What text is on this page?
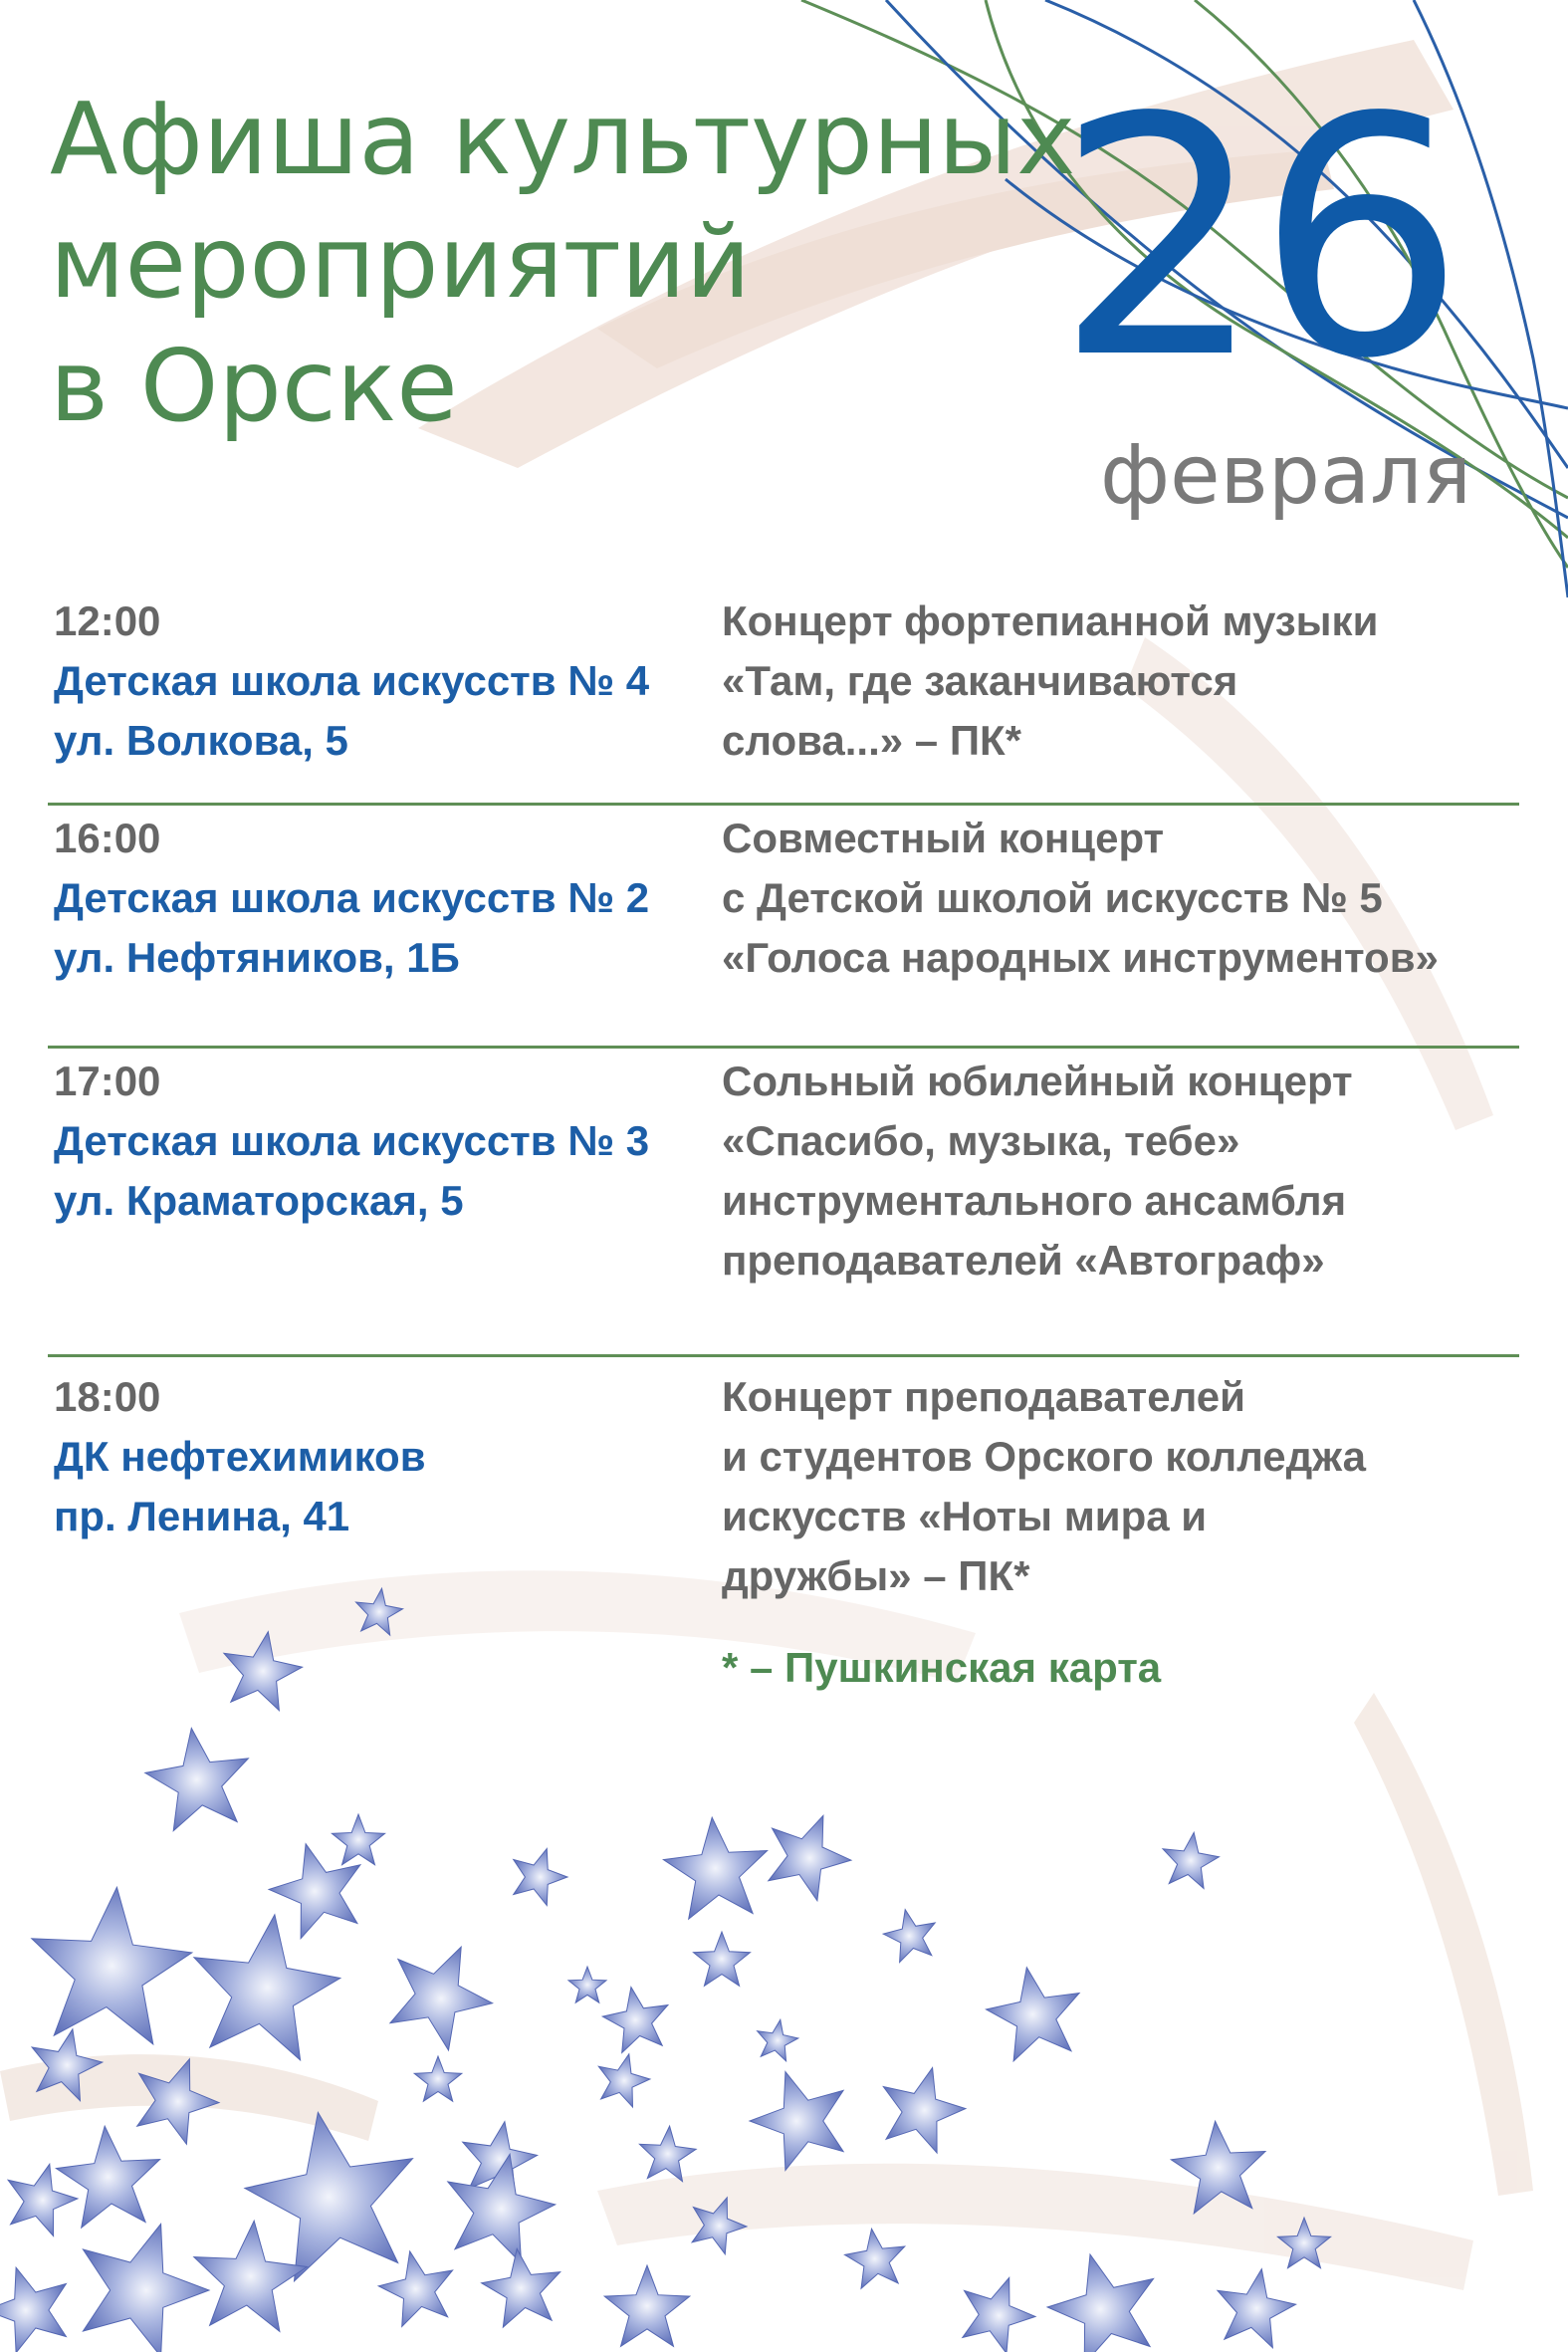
Афиша культурных
мероприятий
в Орске	26
февраля
12:00
Детская школа искусств № 4
ул. Волкова, 5
Концерт фортепианной музыки
«Там, где заканчиваются
слова...» – ПК*
16:00
Детская школа искусств № 2
ул. Нефтяников, 1Б
Совместный концерт
с Детской школой искусств № 5
«Голоса народных инструментов»
17:00
Детская школа искусств № 3
ул. Краматорская, 5
Сольный юбилейный концерт
«Спасибо, музыка, тебе»
инструментального ансамбля
преподавателей «Автограф»
18:00
ДК нефтехимиков
пр. Ленина, 41
Концерт преподавателей
и студентов Орского колледжа
искусств «Ноты мира и
дружбы» – ПК*
* – Пушкинская карта
